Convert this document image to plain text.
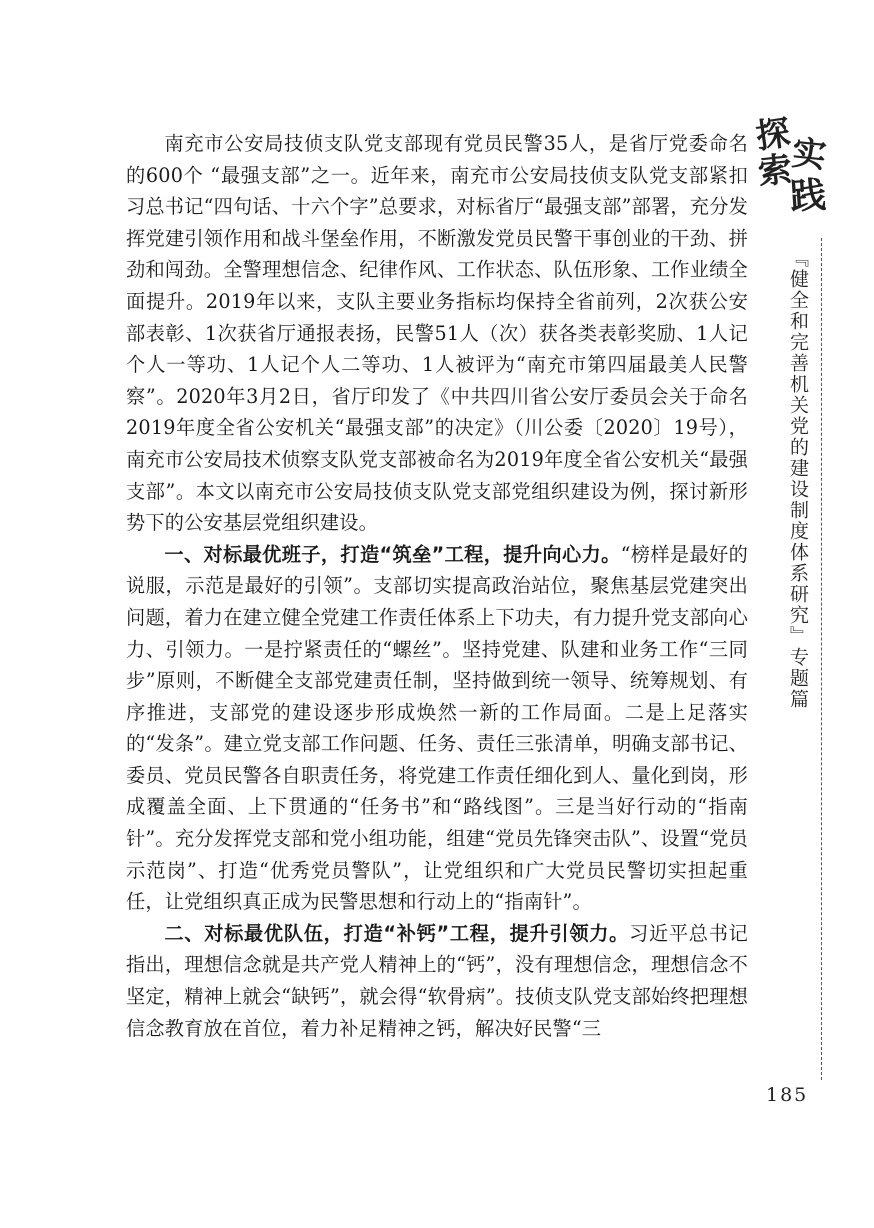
南充市公安局技侦支队党支部现有党员民警35人，是省厅党委命名的600个 “最强支部”之一。近年来，南充市公安局技侦支队党支部紧扣习总书记“四句话、十六个字”总要求，对标省厅“最强支部”部署，充分发挥党建引领作用和战斗堡垒作用，不断激发党员民警干事创业的干劲、拼劲和闯劲。全警理想信念、纪律作风、工作状态、队伍形象、工作业绩全面提升。2019年以来，支队主要业务指标均保持全省前列，2次获公安部表彰、1次获省厅通报表扬，民警51人（次）获各类表彰奖励、1人记个人一等功、1人记个人二等功、1人被评为“南充市第四届最美人民警察”。2020年3月2日，省厅印发了《中共四川省公安厅委员会关于命名2019年度全省公安机关“最强支部”的决定》（川公委〔2020〕19号），南充市公安局技术侦察支队党支部被命名为2019年度全省公安机关“最强支部”。本文以南充市公安局技侦支队党支部党组织建设为例，探讨新形势下的公安基层党组织建设。

一、对标最优班子，打造“筑垒”工程，提升向心力。“榜样是最好的说服，示范是最好的引领”。支部切实提高政治站位，聚焦基层党建突出问题，着力在建立健全党建工作责任体系上下功夫，有力提升党支部向心力、引领力。一是拧紧责任的“螺丝”。坚持党建、队建和业务工作“三同步”原则，不断健全支部党建责任制，坚持做到统一领导、统筹规划、有序推进，支部党的建设逐步形成焕然一新的工作局面。二是上足落实的“发条”。建立党支部工作问题、任务、责任三张清单，明确支部书记、委员、党员民警各自职责任务，将党建工作责任细化到人、量化到岗，形成覆盖全面、上下贯通的“任务书”和“路线图”。三是当好行动的“指南针”。充分发挥党支部和党小组功能，组建“党员先锋突击队”、设置“党员示范岗”、打造“优秀党员警队”，让党组织和广大党员民警切实担起重任，让党组织真正成为民警思想和行动上的“指南针”。

二、对标最优队伍，打造“补钙”工程，提升引领力。习近平总书记指出，理想信念就是共产党人精神上的“钙”，没有理想信念，理想信念不坚定，精神上就会“缺钙”，就会得“软骨病”。技侦支队党支部始终把理想信念教育放在首位，着力补足精神之钙，解决好民警“三

探
索
实
践
『健全和完善机关党的建设制度体系研究』专题篇
185
